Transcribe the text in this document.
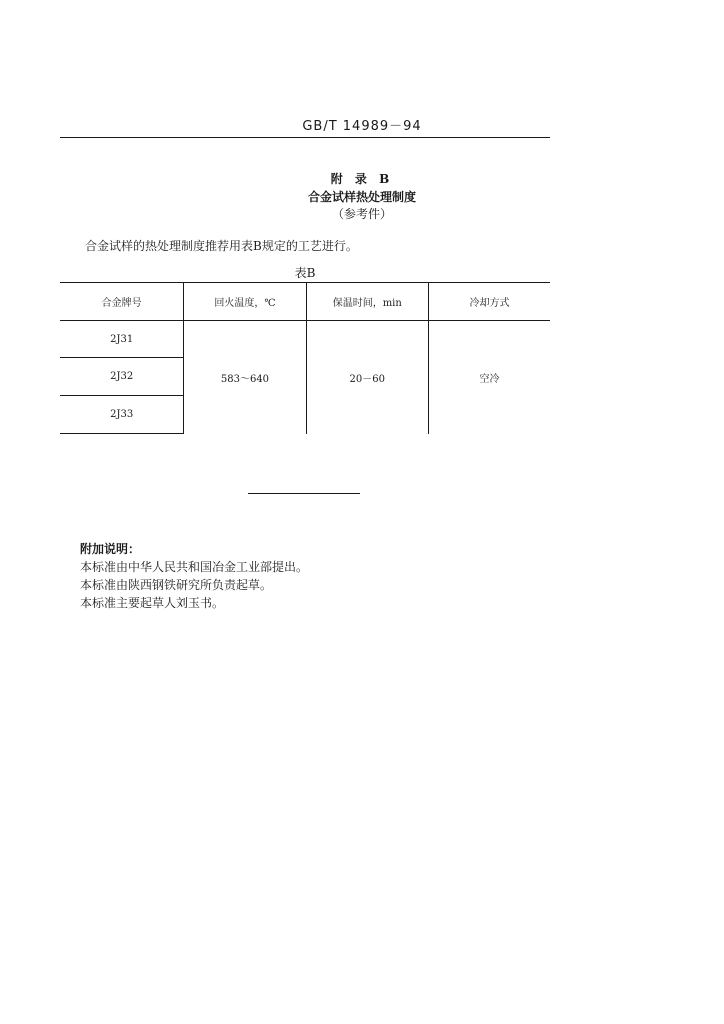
GB/T 14989－94
附 录 B
合金试样热处理制度
（参考件）
合金试样的热处理制度推荐用表B规定的工艺进行。
表B
合金牌号	回火温度，℃	保温时间，min	冷却方式
2J31	583～640	20－60	空冷
2J32			
2J33			
附加说明：
本标准由中华人民共和国冶金工业部提出。
本标准由陕西钢铁研究所负责起草。
本标准主要起草人刘玉书。
